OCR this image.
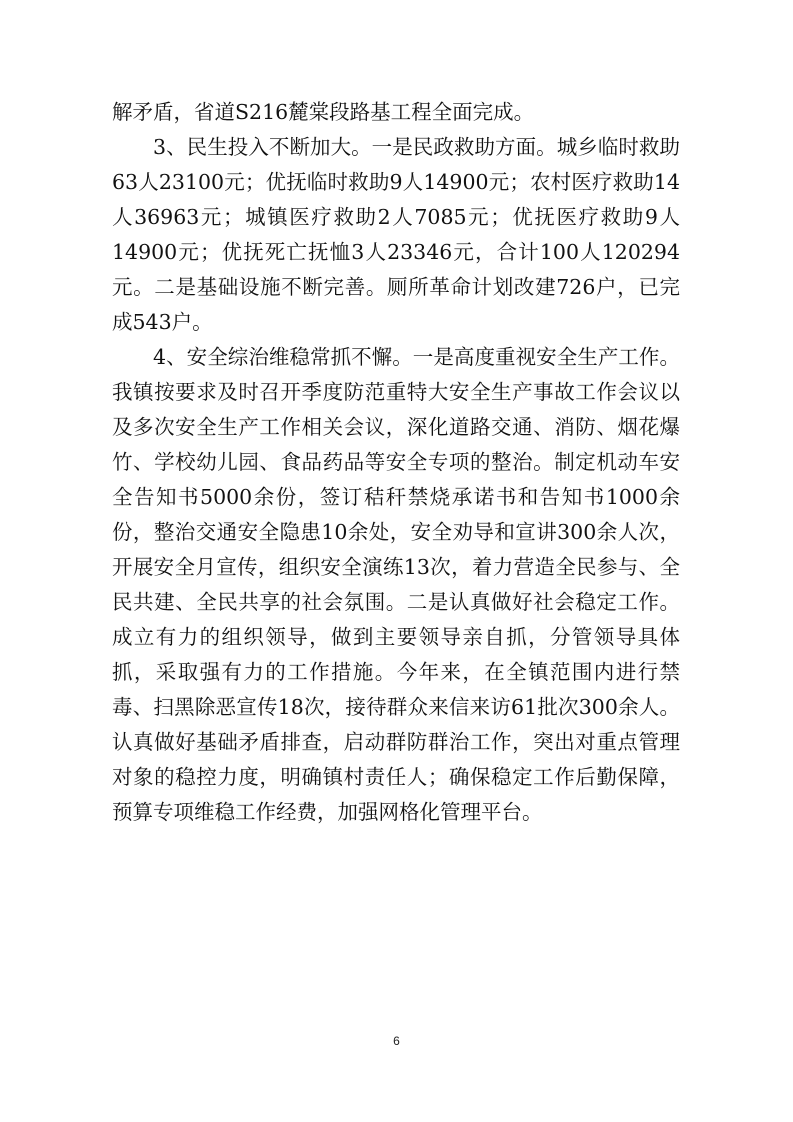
解矛盾，省道S216麓棠段路基工程全面完成。

3、民生投入不断加大。一是民政救助方面。城乡临时救助63人23100元；优抚临时救助9人14900元；农村医疗救助14人36963元；城镇医疗救助2人7085元；优抚医疗救助9人14900元；优抚死亡抚恤3人23346元，合计100人120294元。二是基础设施不断完善。厕所革命计划改建726户，已完成543户。

4、安全综治维稳常抓不懈。一是高度重视安全生产工作。我镇按要求及时召开季度防范重特大安全生产事故工作会议以及多次安全生产工作相关会议，深化道路交通、消防、烟花爆竹、学校幼儿园、食品药品等安全专项的整治。制定机动车安全告知书5000余份，签订秸秆禁烧承诺书和告知书1000余份，整治交通安全隐患10余处，安全劝导和宣讲300余人次，开展安全月宣传，组织安全演练13次，着力营造全民参与、全民共建、全民共享的社会氛围。二是认真做好社会稳定工作。成立有力的组织领导，做到主要领导亲自抓，分管领导具体抓，采取强有力的工作措施。今年来，在全镇范围内进行禁毒、扫黑除恶宣传18次，接待群众来信来访61批次300余人。认真做好基础矛盾排查，启动群防群治工作，突出对重点管理对象的稳控力度，明确镇村责任人；确保稳定工作后勤保障，预算专项维稳工作经费，加强网格化管理平台。

6
